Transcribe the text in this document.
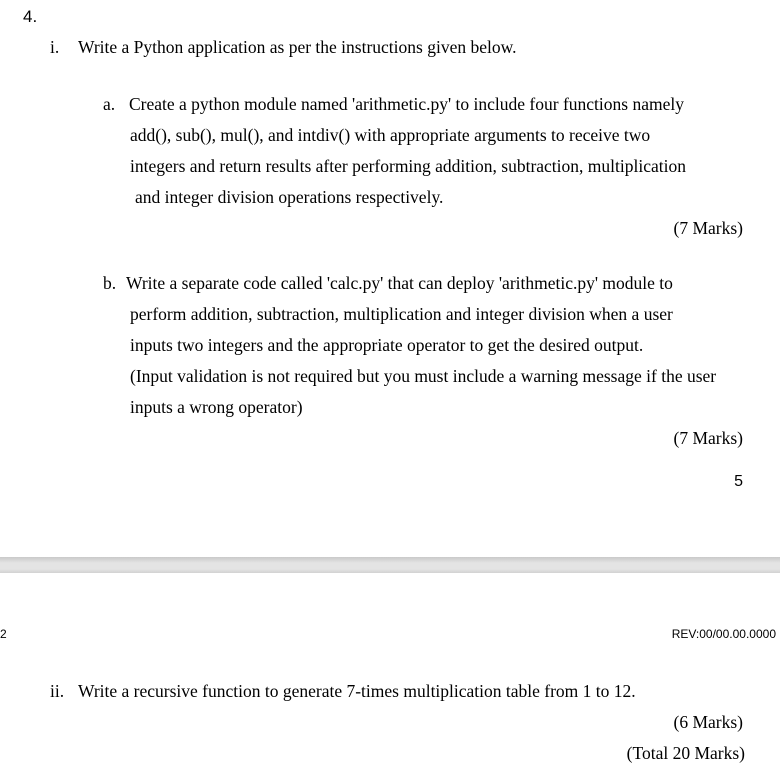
4.
i. Write a Python application as per the instructions given below.
a. Create a python module named 'arithmetic.py' to include four functions namely
add(), sub(), mul(), and intdiv() with appropriate arguments to receive two
integers and return results after performing addition, subtraction, multiplication
and integer division operations respectively.
(7 Marks)
b. Write a separate code called 'calc.py' that can deploy 'arithmetic.py' module to
perform addition, subtraction, multiplication and integer division when a user
inputs two integers and the appropriate operator to get the desired output.
(Input validation is not required but you must include a warning message if the user
inputs a wrong operator)
(7 Marks)
5
2	REV:00/00.00.0000
ii. Write a recursive function to generate 7-times multiplication table from 1 to 12.
(6 Marks)
(Total 20 Marks)
